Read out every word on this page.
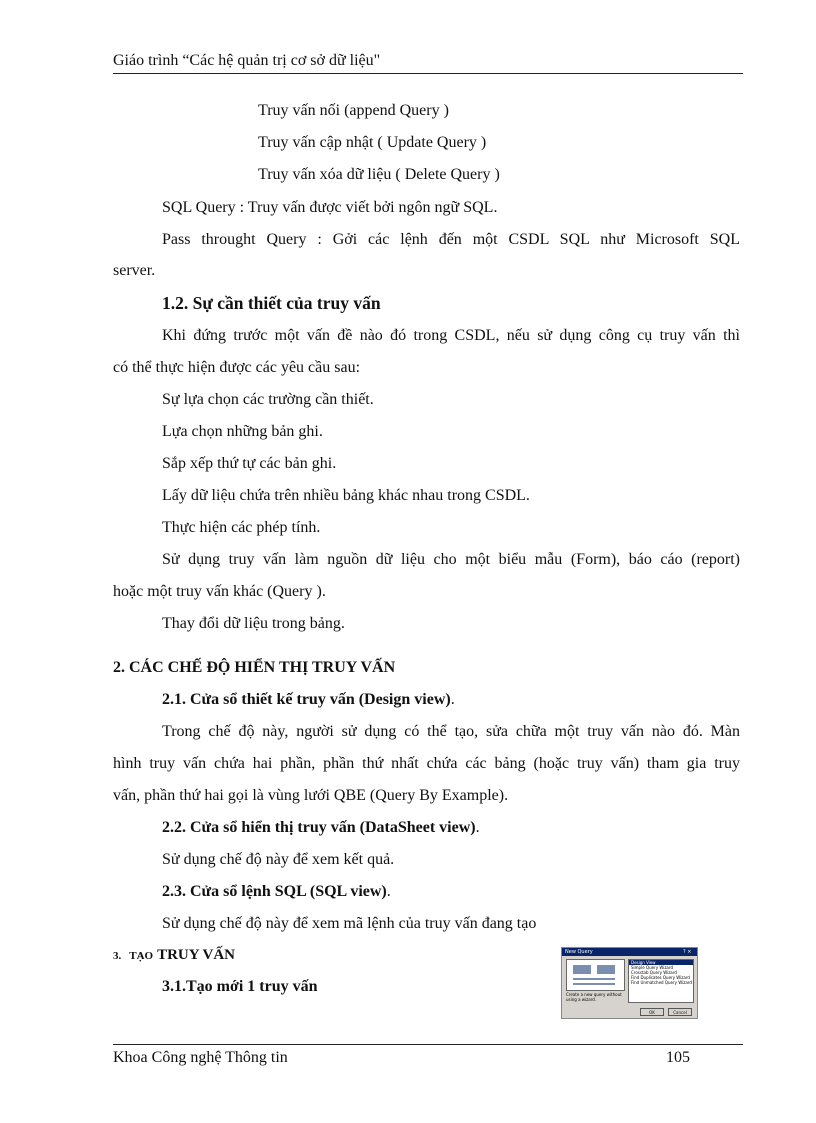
Giáo trình “Các hệ quản trị cơ sở dữ liệu"
Truy vấn nối (append Query )
Truy vấn cập nhật ( Update Query )
Truy vấn xóa dữ liệu ( Delete Query )
SQL Query : Truy vấn được viết bởi ngôn ngữ SQL.
Pass throught Query : Gởi các lệnh đến một CSDL SQL như Microsoft SQL
server.
1.2. Sự cần thiết của truy vấn
Khi đứng trước một vấn đề nào đó trong CSDL, nếu sử dụng công cụ truy vấn thì
có thể thực hiện được các yêu cầu sau:
Sự lựa chọn các trường cần thiết.
Lựa chọn những bản ghi.
Sắp xếp thứ tự các bản ghi.
Lấy dữ liệu chứa trên nhiều bảng khác nhau trong CSDL.
Thực hiện các phép tính.
Sử dụng truy vấn làm nguồn dữ liệu cho một biểu mẫu (Form), báo cáo (report)
hoặc một truy vấn khác (Query ).
Thay đổi dữ liệu trong bảng.
2. CÁC CHẾ ĐỘ HIỂN THỊ TRUY VẤN
2.1. Cửa sổ thiết kế truy vấn (Design view).
Trong chế độ này, người sử dụng có thể tạo, sửa chữa một truy vấn nào đó. Màn
hình truy vấn chứa hai phần, phần thứ nhất chứa các bảng (hoặc truy vấn) tham gia truy
vấn, phần thứ hai gọi là vùng lưới QBE (Query By Example).
2.2. Cửa sổ hiển thị truy vấn (DataSheet view).
Sử dụng chế độ này để xem kết quả.
2.3. Cửa sổ lệnh SQL (SQL view).
Sử dụng chế độ này để xem mã lệnh của truy vấn đang tạo
3. TẠO TRUY VẤN
3.1.Tạo mới 1 truy vấn
New Query	? ×
Create a new query without using a wizard.
Design View
Simple Query Wizard
Crosstab Query Wizard
Find Duplicates Query Wizard
Find Unmatched Query Wizard
OK	Cancel
Khoa Công nghệ Thông tin	105
